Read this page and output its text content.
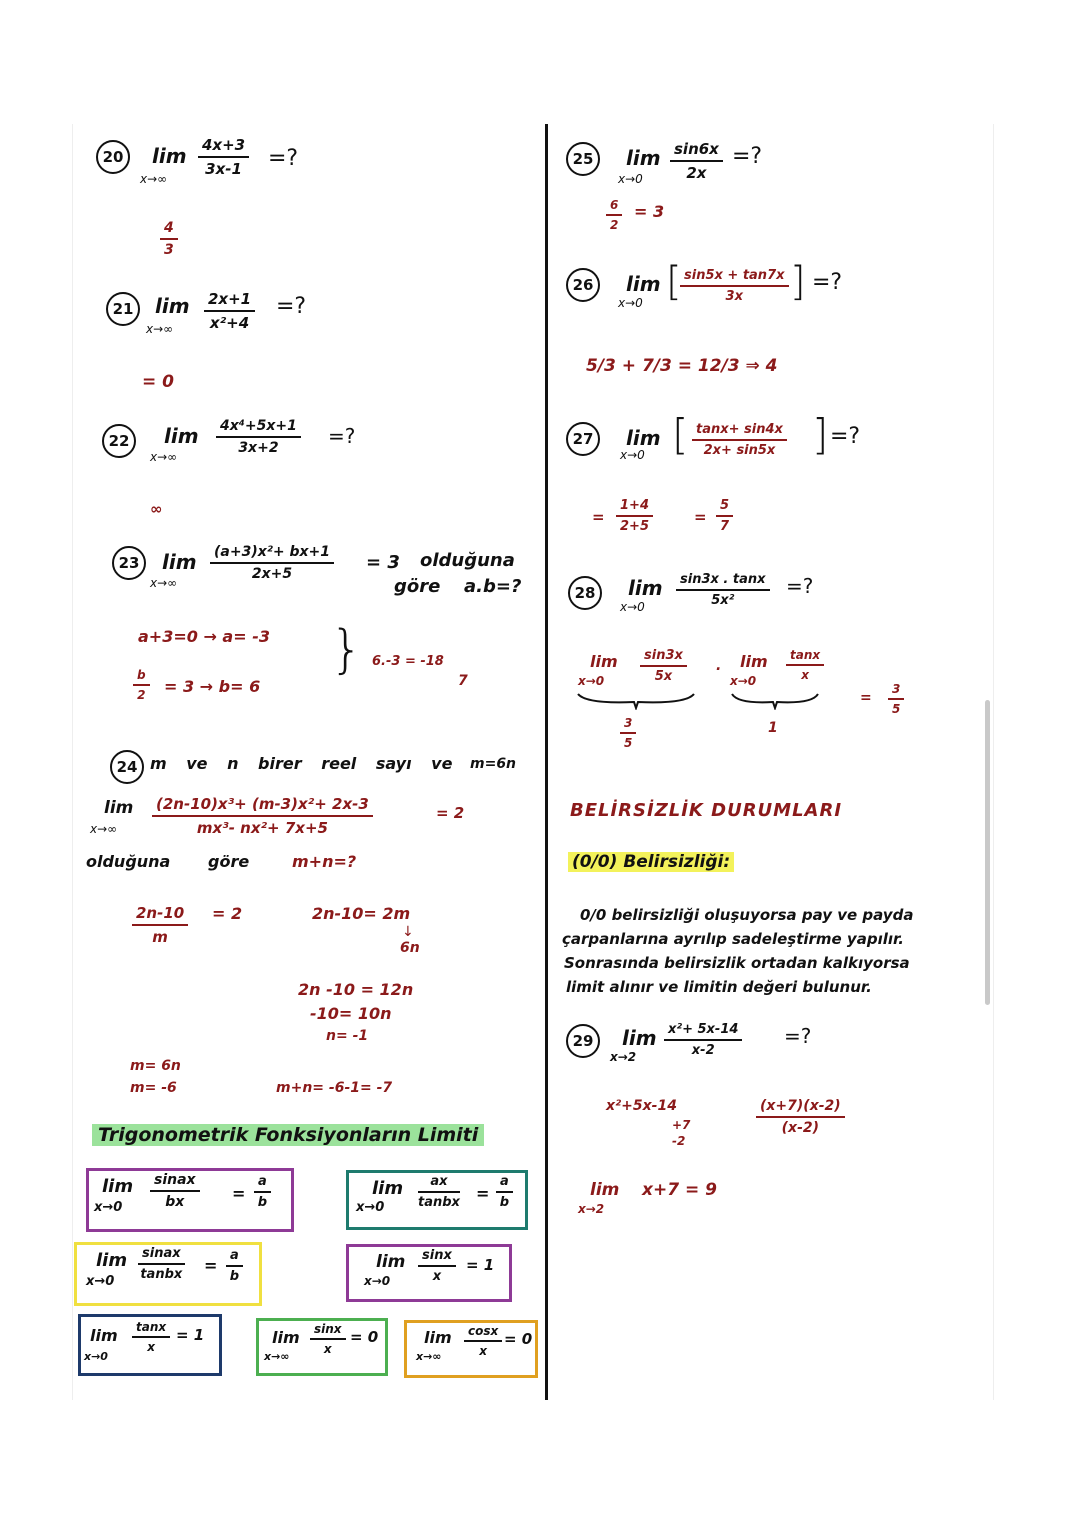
20	lim
x→∞
$\frac{4x+3}{3x-1}$ =?
$\frac{4}{3}$
21	lim
$x\to\infty \frac{2x+1}{\text{x²+4}}$ =?
= 0
22	lim
x→∞
$\frac{\text{4x⁴+5x+1}}{3x+2}$ =?
∞
23	lim
x→∞
$\frac{\text{(a+3)x²+ bx+1}}{2x+5} = 3$ olduğuna
göre a.b=?
a+3=0 → a= -3
$\frac{b}{2} = 3 \to b= 6$
} 6.-3 = -18
7
24 m ve n birer reel sayı ve m=6n
lim
$x\to\infty \frac{\text{(2n-10)x³+ (m-3)x²+ 2x-3}}{\text{mx³- nx²+ 7x+5}}$	= 2
olduğuna göre	m+n=?
$\frac{2n-10}{m} = 2$	2n-10= 2m
↓
6n
2n -10 = 12n
-10= 10n
n= -1
m= 6n
m= -6	m+n= -6-1= -7
Trigonometrik Fonksiyonların Limiti
lim
$x\to 0 \frac{\text{sinax}}{bx} = \frac{a}{b}$	lim
x→0	$\frac{ax}{\text{tanbx}} = \frac{a}{b}$
lim
$x\to 0 \frac{\text{sinax}}{\text{tanbx}} = \frac{a}{b}$	lim
$x\to 0 \frac{\sin x}{x} = 1$
lim
x→0
$\frac{\tan x}{x} = 1$	lim
x→∞
$\frac{\sin x}{x} = 0$	lim
$x\to\infty \frac{\cos x}{x} = 0$
25	lim
$x\to 0 \frac{\sin 6x}{2x}$ =?
$\frac{6}{2} = 3$
26	lim
x→0 [
$\frac{\sin 5x + \tan 7x}{3x}$ ] =?
5/3 + 7/3 = 12/3 ⇒ 4
27	lim
x→0 [ $\frac{\tan x+ \sin 4x}{2x+ \sin 5x}$ ] =?
= $\frac{1+4}{2+5}$	= $\frac{5}{7}$
28	lim
$x\to 0 \frac{\sin 3x . \tan x}{\text{5x²}}$ =?
lim
x→0	$\frac{\sin 3x}{5x}$ . lim
$x\to 0 \frac{\tan x}{x}$
$\frac{3}{5}$	1
= $\frac{3}{5}$
BELİRSİZLİK DURUMLARI
(0/0) Belirsizliği:
0/0 belirsizliği oluşuyorsa pay ve payda
çarpanlarına ayrılıp sadeleştirme yapılır.
Sonrasında belirsizlik ortadan kalkıyorsa
limit alınır ve limitin değeri bulunur.
29	lim
$x\to 2 \frac{\text{x²+ 5x-14}}{x-2}$ =?
x²+5x-14
+7
-2
$\frac{(x+7)(x-2)}{(x-2)}$
lim
x→2
x+7 = 9
